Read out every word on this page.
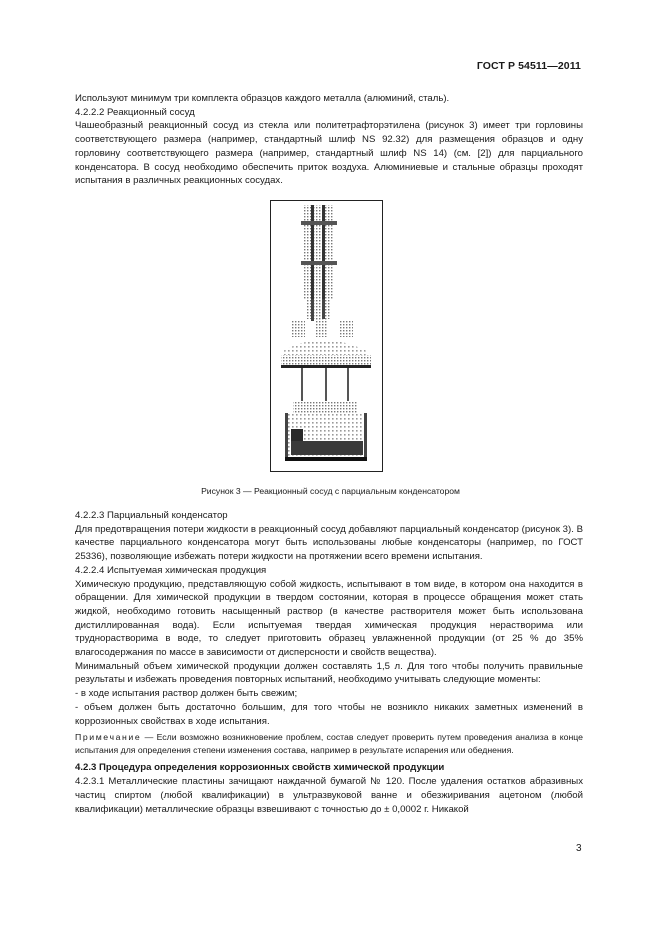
ГОСТ Р 54511—2011

Используют минимум три комплекта образцов каждого металла (алюминий, сталь).

4.2.2.2 Реакционный сосуд

Чашеобразный реакционный сосуд из стекла или политетрафторэтилена (рисунок 3) имеет три горловины соответствующего размера (например, стандартный шлиф NS 92.32) для размещения образцов и одну горловину соответствующего размера (например, стандартный шлиф NS 14) (см. [2]) для парциального конденсатора. В сосуд необходимо обеспечить приток воздуха. Алюминиевые и стальные образцы проходят испытания в различных реакционных сосудах.

Рисунок 3 — Реакционный сосуд с парциальным конденсатором

4.2.2.3 Парциальный конденсатор

Для предотвращения потери жидкости в реакционный сосуд добавляют парциальный конденсатор (рисунок 3). В качестве парциального конденсатора могут быть использованы любые конденсаторы (например, по ГОСТ 25336), позволяющие избежать потери жидкости на протяжении всего времени испытания.

4.2.2.4 Испытуемая химическая продукция

Химическую продукцию, представляющую собой жидкость, испытывают в том виде, в котором она находится в обращении. Для химической продукции в твердом состоянии, которая в процессе обращения может стать жидкой, необходимо готовить насыщенный раствор (в качестве растворителя может быть использована дистиллированная вода). Если испытуемая твердая химическая продукция нерастворима или труднорастворима в воде, то следует приготовить образец увлажненной продукции (от 25 % до 35% влагосодержания по массе в зависимости от дисперсности и свойств вещества).

Минимальный объем химической продукции должен составлять 1,5 л. Для того чтобы получить правильные результаты и избежать проведения повторных испытаний, необходимо учитывать следующие моменты:

- в ходе испытания раствор должен быть свежим;

- объем должен быть достаточно большим, для того чтобы не возникло никаких заметных изменений в коррозионных свойствах в ходе испытания.

Примечание — Если возможно возникновение проблем, состав следует проверить путем проведения анализа в конце испытания для определения степени изменения состава, например в результате испарения или обеднения.

4.2.3 Процедура определения коррозионных свойств химической продукции

4.2.3.1 Металлические пластины зачищают наждачной бумагой № 120. После удаления остатков абразивных частиц спиртом (любой квалификации) в ультразвуковой ванне и обезжиривания ацетоном (любой квалификации) металлические образцы взвешивают с точностью до ± 0,0002 г. Никакой

3
